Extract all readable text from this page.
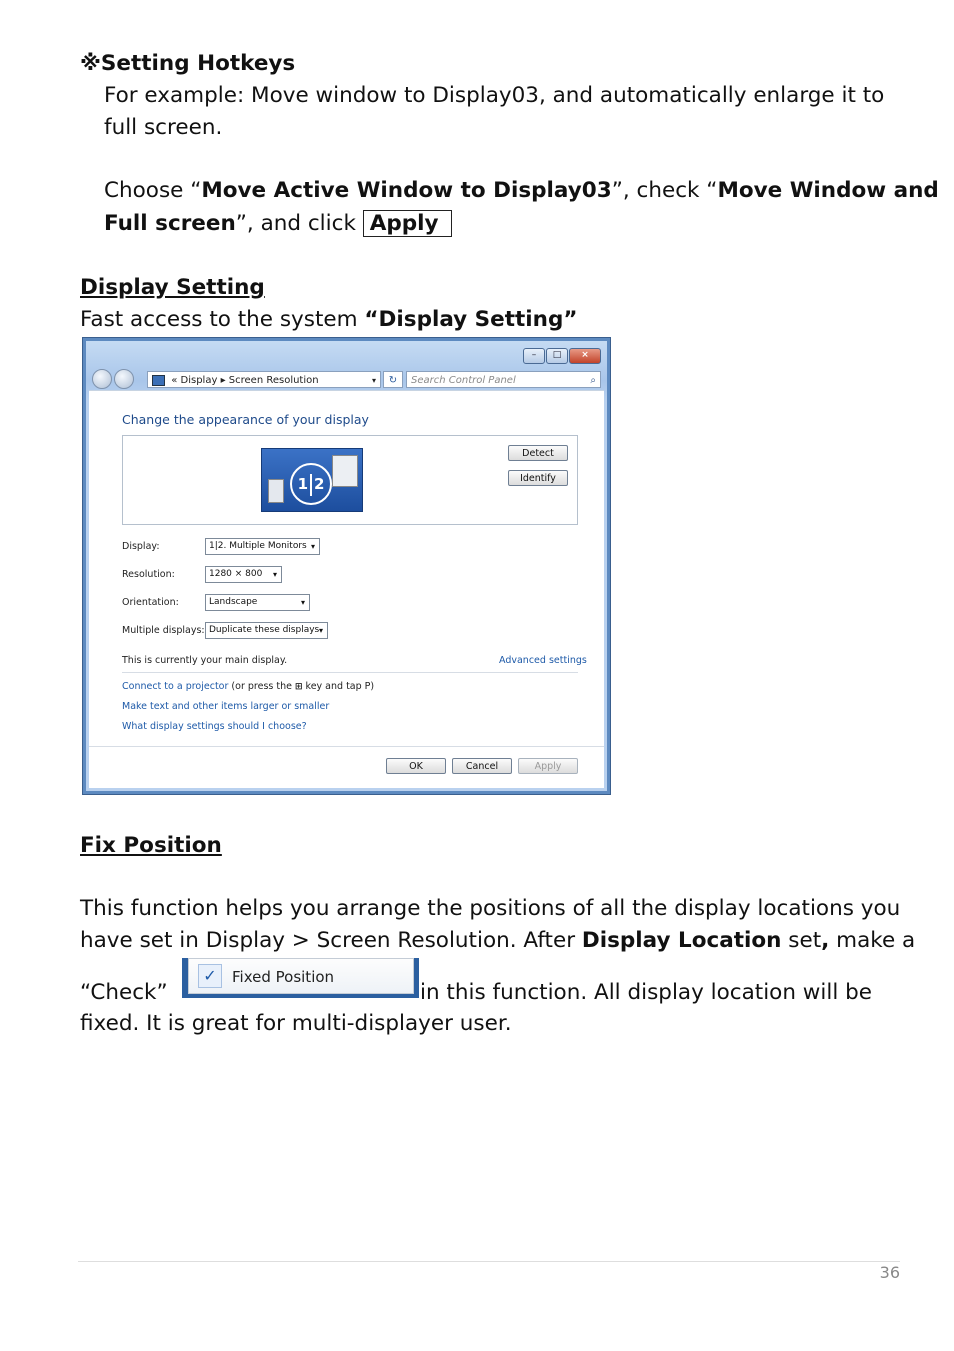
※Setting Hotkeys
For example: Move window to Display03, and automatically enlarge it to
full screen.
Choose “Move Active Window to Display03”, check “Move Window and
Full screen”, and click Apply
Display Setting
Fast access to the system “Display Setting”
–	□	×
« Display ▸ Screen Resolution	▾	↻	Search Control Panel	⌕
Change the appearance of your display
1 2
Detect
Identify
Display:	1|2. Multiple Monitors ▾
Resolution:	1280 × 800 ▾
Orientation:	Landscape	▾
Multiple displays: Duplicate these displays ▾
This is currently your main display.	Advanced settings
Connect to a projector (or press the ⊞ key and tap P)
Make text and other items larger or smaller
What display settings should I choose?
OK	Cancel	Apply
Fix Position
This function helps you arrange the positions of all the display locations you
have set in Display > Screen Resolution. After Display Location set, make a
“Check”
✓	Fixed Position
in this function. All display location will be
fixed. It is great for multi-displayer user.
36
